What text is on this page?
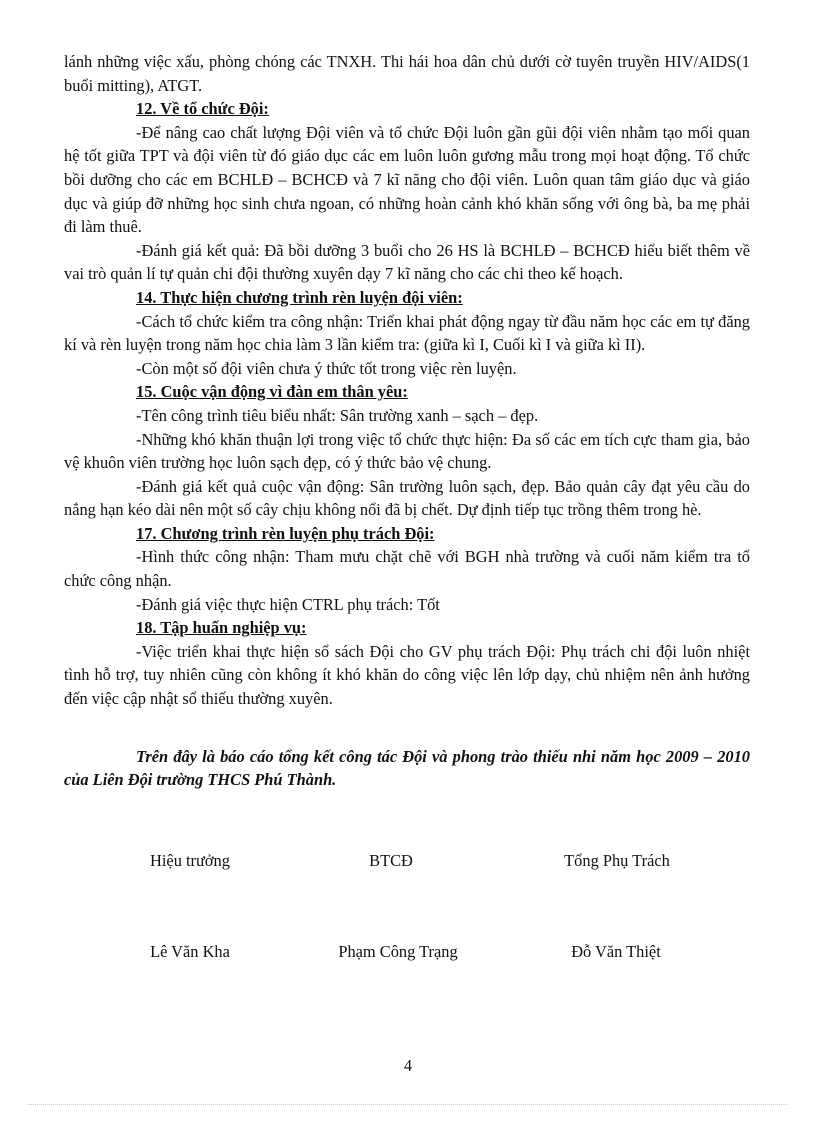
lánh những việc xấu, phòng chóng các TNXH. Thi hái hoa dân chủ dưới cờ tuyên truyền HIV/AIDS(1 buổi mitting), ATGT.

12. Về tổ chức Đội:

-Để nâng cao chất lượng Đội viên và tổ chức Đội luôn gần gũi đội viên nhằm tạo mối quan hệ tốt giữa TPT và đội viên từ đó giáo dục các em luôn luôn gương mẫu trong mọi hoạt động. Tổ chức bồi dưỡng cho các em BCHLĐ – BCHCĐ và 7 kĩ năng cho đội viên. Luôn quan tâm giáo dục và giáo dục và giúp đỡ những học sinh chưa ngoan, có những hoàn cảnh khó khăn sống với ông bà, ba mẹ phải đi làm thuê.

-Đánh giá kết quả: Đã bồi dưỡng 3 buổi cho 26 HS là BCHLĐ – BCHCĐ hiểu biết thêm về vai trò quản lí tự quản chi đội thường xuyên dạy 7 kĩ năng cho các chi theo kế hoạch.

14. Thực hiện chương trình rèn luyện đội viên:

-Cách tổ chức kiểm tra công nhận: Triển khai phát động ngay từ đầu năm học các em tự đăng kí và rèn luyện trong năm học chia làm 3 lần kiểm tra: (giữa kì I, Cuối kì I và giữa kì II).

-Còn một số đội viên chưa ý thức tốt trong việc rèn luyện.

15. Cuộc vận động vì đàn em thân yêu:

-Tên công trình tiêu biểu nhất: Sân trường xanh – sạch – đẹp.

-Những khó khăn thuận lợi trong việc tổ chức thực hiện: Đa số các em tích cực tham gia, bảo vệ khuôn viên trường học luôn sạch đẹp, có ý thức bảo vệ chung.

-Đánh giá kết quả cuộc vận động: Sân trường luôn sạch, đẹp. Bảo quản cây đạt yêu cầu do nắng hạn kéo dài nên một số cây chịu không nổi đã bị chết. Dự định tiếp tục trồng thêm trong hè.

17. Chương trình rèn luyện phụ trách Đội:

-Hình thức công nhận: Tham mưu chặt chẽ với BGH nhà trường và cuối năm kiểm tra tổ chức công nhận.

-Đánh giá việc thực hiện CTRL phụ trách: Tốt

18. Tập huấn nghiệp vụ:

-Việc triển khai thực hiện sổ sách Đội cho GV phụ trách Đội: Phụ trách chi đội luôn nhiệt tình hỗ trợ, tuy nhiên cũng còn không ít khó khăn do công việc lên lớp dạy, chủ nhiệm nên ảnh hưởng đến việc cập nhật sổ thiếu thường xuyên.

Trên đây là báo cáo tổng kết công tác Đội và phong trào thiếu nhi năm học 2009 – 2010 của Liên Đội trường THCS Phú Thành.

Hiệu trưởng	BTCĐ	Tổng Phụ Trách
Lê Văn Kha	Phạm Công Trạng	Đỗ Văn Thiệt
4
